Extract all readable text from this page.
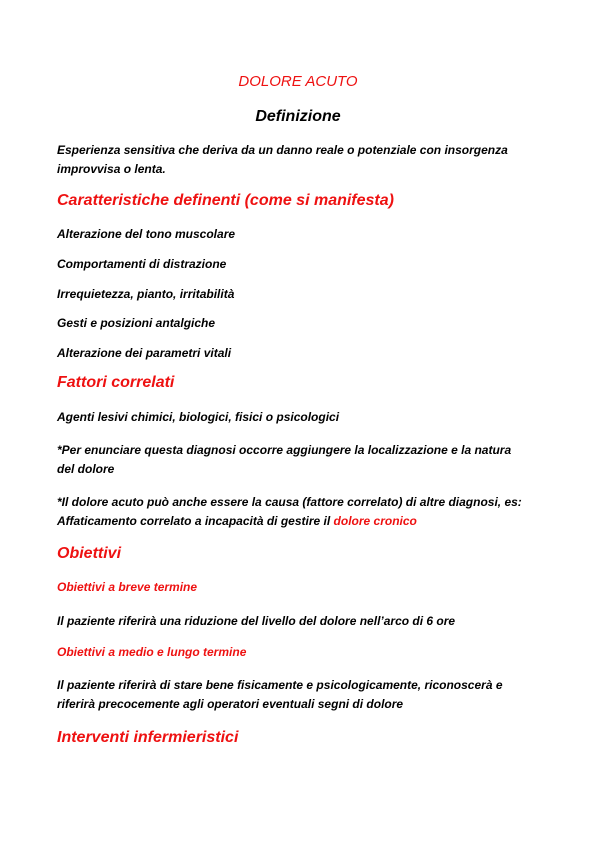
DOLORE ACUTO
Definizione
Esperienza sensitiva che deriva da un danno reale o potenziale con insorgenza
improvvisa o lenta.
Caratteristiche definenti (come si manifesta)
Alterazione del tono muscolare
Comportamenti di distrazione
Irrequietezza, pianto, irritabilità
Gesti e posizioni antalgiche
Alterazione dei parametri vitali
Fattori correlati
Agenti lesivi chimici, biologici, fisici o psicologici
*Per enunciare questa diagnosi occorre aggiungere la localizzazione e la natura
del dolore
*Il dolore acuto può anche essere la causa (fattore correlato) di altre diagnosi, es:
Affaticamento correlato a incapacità di gestire il dolore cronico
Obiettivi
Obiettivi a breve termine
Il paziente riferirà una riduzione del livello del dolore nell’arco di 6 ore
Obiettivi a medio e lungo termine
Il paziente riferirà di stare bene fisicamente e psicologicamente, riconoscerà e
riferirà precocemente agli operatori eventuali segni di dolore
Interventi infermieristici
